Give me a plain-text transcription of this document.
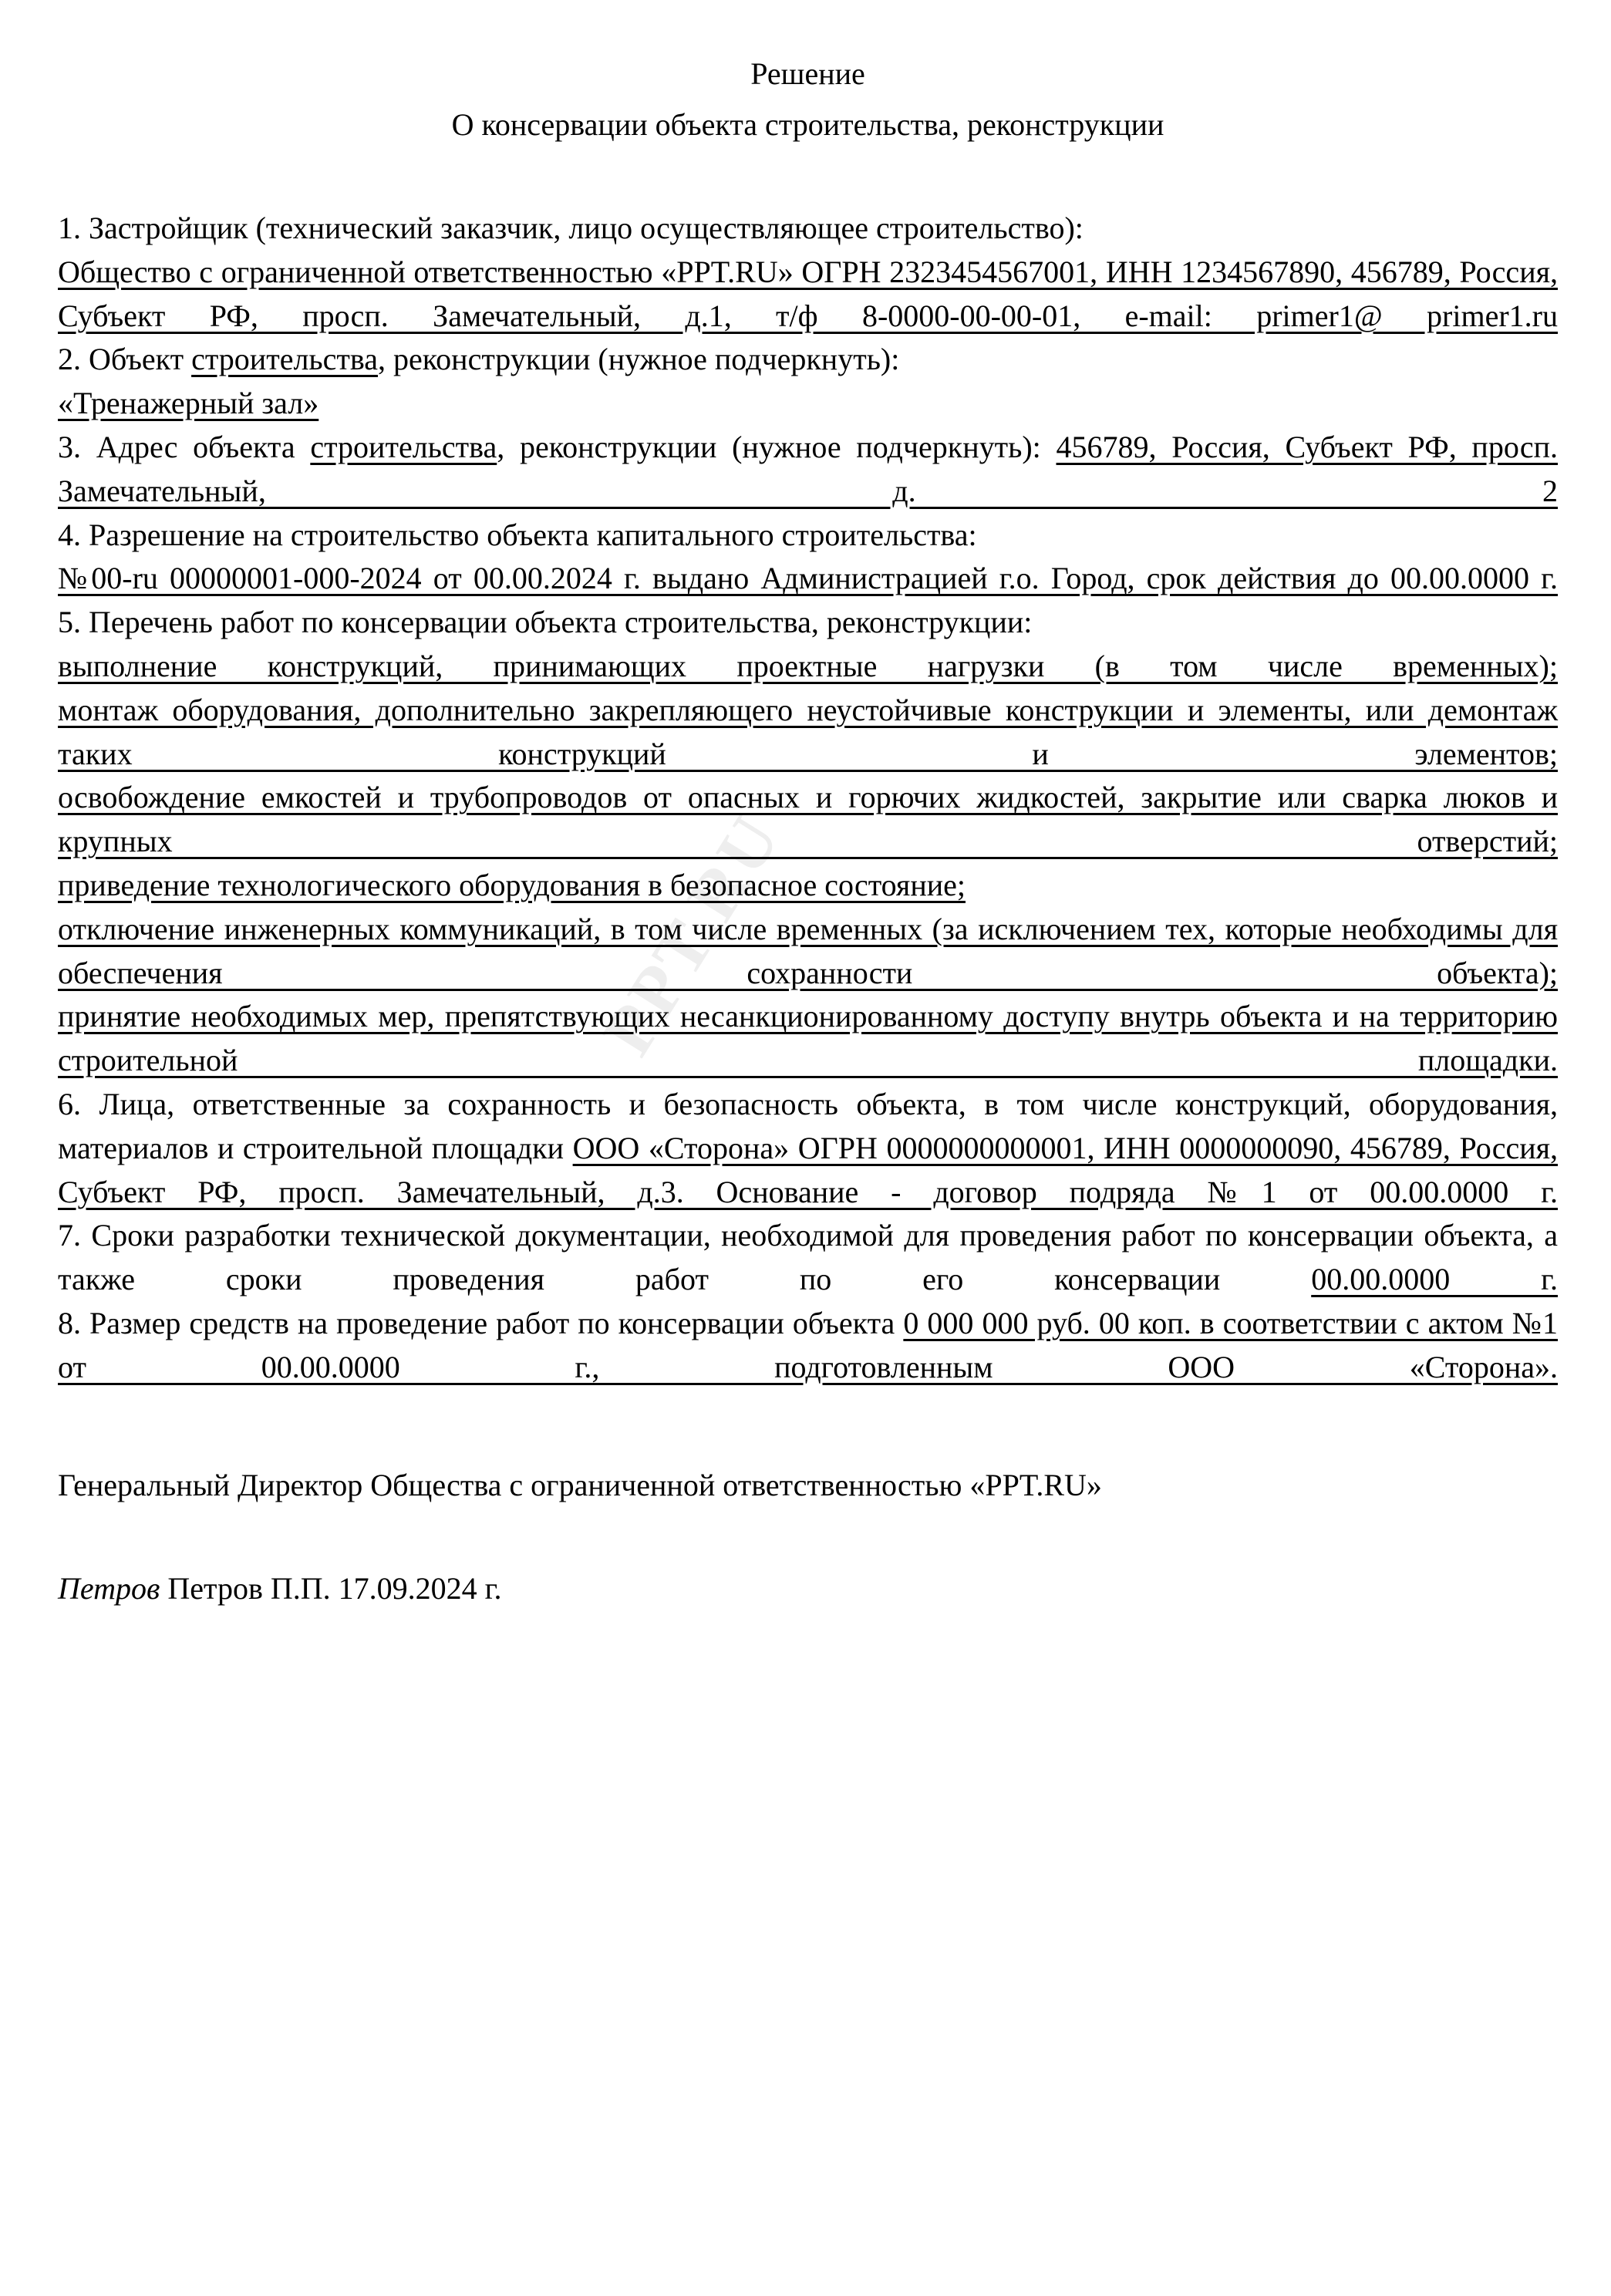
PPT.RU
Решение
О консервации объекта строительства, реконструкции

1. Застройщик (технический заказчик, лицо осуществляющее строительство):

Общество с ограниченной ответственностью «PPT.RU» ОГРН 2323454567001, ИНН 1234567890, 456789, Россия, Субъект РФ, просп. Замечательный, д.1, т/ф 8-0000-00-00-01, e-mail: primer1@ primer1.ru

2. Объект строительства, реконструкции (нужное подчеркнуть):

«Тренажерный зал»

3. Адрес объекта строительства, реконструкции (нужное подчеркнуть): 456789, Россия, Субъект РФ, просп. Замечательный, д. 2

4. Разрешение на строительство объекта капитального строительства:

№00-ru 00000001-000-2024 от 00.00.2024 г. выдано Администрацией г.о. Город, срок действия до 00.00.0000 г.

5. Перечень работ по консервации объекта строительства, реконструкции:

выполнение конструкций, принимающих проектные нагрузки (в том числе временных);

монтаж оборудования, дополнительно закрепляющего неустойчивые конструкции и элементы, или демонтаж таких конструкций и элементов;

освобождение емкостей и трубопроводов от опасных и горючих жидкостей, закрытие или сварка люков и крупных отверстий;

приведение технологического оборудования в безопасное состояние;

отключение инженерных коммуникаций, в том числе временных (за исключением тех, которые необходимы для обеспечения сохранности объекта);

принятие необходимых мер, препятствующих несанкционированному доступу внутрь объекта и на территорию строительной площадки.

6. Лица, ответственные за сохранность и безопасность объекта, в том числе конструкций, оборудования, материалов и строительной площадки ООО «Сторона» ОГРН 0000000000001, ИНН 0000000090, 456789, Россия, Субъект РФ, просп. Замечательный, д.3. Основание - договор подряда №1 от 00.00.0000 г.

7. Сроки разработки технической документации, необходимой для проведения работ по консервации объекта, а также сроки проведения работ по его консервации 00.00.0000 г.

8. Размер средств на проведение работ по консервации объекта 0 000 000 руб. 00 коп. в соответствии с актом №1 от 00.00.0000 г., подготовленным ООО «Сторона».

Генеральный Директор Общества с ограниченной ответственностью «PPT.RU»

Петров Петров П.П. 17.09.2024 г.
